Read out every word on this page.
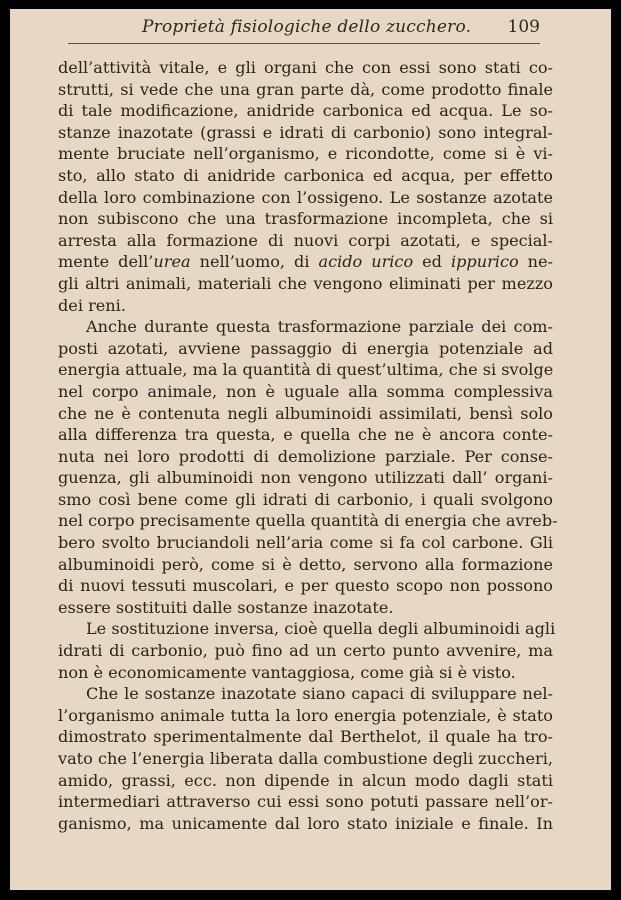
Proprietà fisiologiche dello zucchero. 109
dell’attività vitale, e gli organi che con essi sono stati co-
strutti, si vede che una gran parte dà, come prodotto finale
di tale modificazione, anidride carbonica ed acqua. Le so-
stanze inazotate (grassi e idrati di carbonio) sono integral-
mente bruciate nell’organismo, e ricondotte, come si è vi-
sto, allo stato di anidride carbonica ed acqua, per effetto
della loro combinazione con l’ossigeno. Le sostanze azotate
non subiscono che una trasformazione incompleta, che si
arresta alla formazione di nuovi corpi azotati, e special-
mente dell’urea nell’uomo, di acido urico ed ippurico ne-
gli altri animali, materiali che vengono eliminati per mezzo
dei reni.
Anche durante questa trasformazione parziale dei com-
posti azotati, avviene passaggio di energia potenziale ad
energia attuale, ma la quantità di quest’ultima, che si svolge
nel corpo animale, non è uguale alla somma complessiva
che ne è contenuta negli albuminoidi assimilati, bensì solo
alla differenza tra questa, e quella che ne è ancora conte-
nuta nei loro prodotti di demolizione parziale. Per conse-
guenza, gli albuminoidi non vengono utilizzati dall’ organi-
smo così bene come gli idrati di carbonio, i quali svolgono
nel corpo precisamente quella quantità di energia che avreb-
bero svolto bruciandoli nell’aria come si fa col carbone. Gli
albuminoidi però, come si è detto, servono alla formazione
di nuovi tessuti muscolari, e per questo scopo non possono
essere sostituiti dalle sostanze inazotate.
Le sostituzione inversa, cioè quella degli albuminoidi agli
idrati di carbonio, può fino ad un certo punto avvenire, ma
non è economicamente vantaggiosa, come già si è visto.
Che le sostanze inazotate siano capaci di sviluppare nel-
l’organismo animale tutta la loro energia potenziale, è stato
dimostrato sperimentalmente dal Berthelot, il quale ha tro-
vato che l’energia liberata dalla combustione degli zuccheri,
amido, grassi, ecc. non dipende in alcun modo dagli stati
intermediari attraverso cui essi sono potuti passare nell’or-
ganismo, ma unicamente dal loro stato iniziale e finale. In
